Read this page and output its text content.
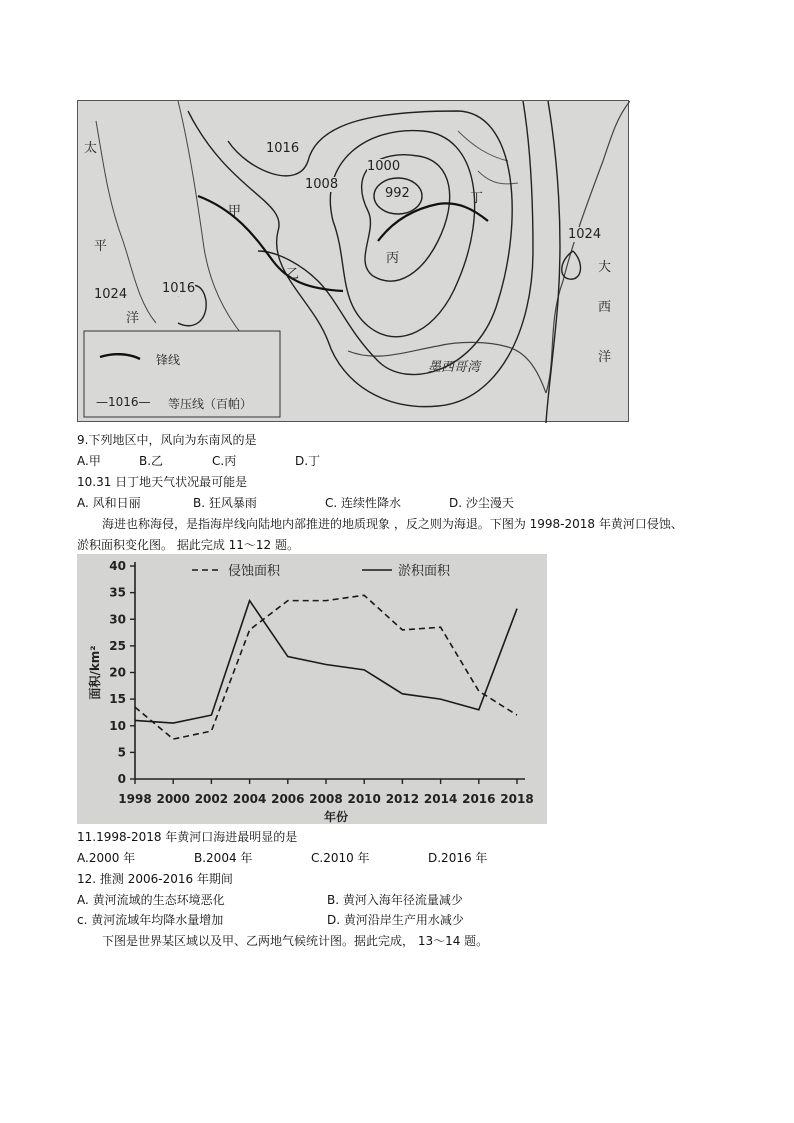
太
平
洋
大
西
洋
1016
1008
1000
992
1024	1016
1024
甲
乙
丙
丁
墨西哥湾
锋线
—1016— 等压线（百帕）
9.下列地区中，风向为东南风的是
A.甲	B.乙	C.丙	D.丁
10.31 日丁地天气状况最可能是
A. 风和日丽	B. 狂风暴雨	C. 连续性降水	D. 沙尘漫天
海进也称海侵，是指海岸线向陆地内部推进的地质现象 ，反之则为海退。下图为 1998-2018 年黄河口侵蚀、
淤积面积变化图。 据此完成 11～12 题。
0
5
10
15
20
25
30
35
40
1998 2000 2002 2004 2006 2008 2010 2012 2014 2016 2018
年份
面积/km²
侵蚀面积	淤积面积
11.1998-2018 年黄河口海进最明显的是
A.2000 年	B.2004 年	C.2010 年	D.2016 年
12. 推测 2006-2016 年期间
A. 黄河流域的生态环境恶化	B. 黄河入海年径流量减少
c. 黄河流域年均降水量增加	D. 黄河沿岸生产用水减少
下图是世界某区域以及甲、乙两地气候统计图。据此完成， 13～14 题。
